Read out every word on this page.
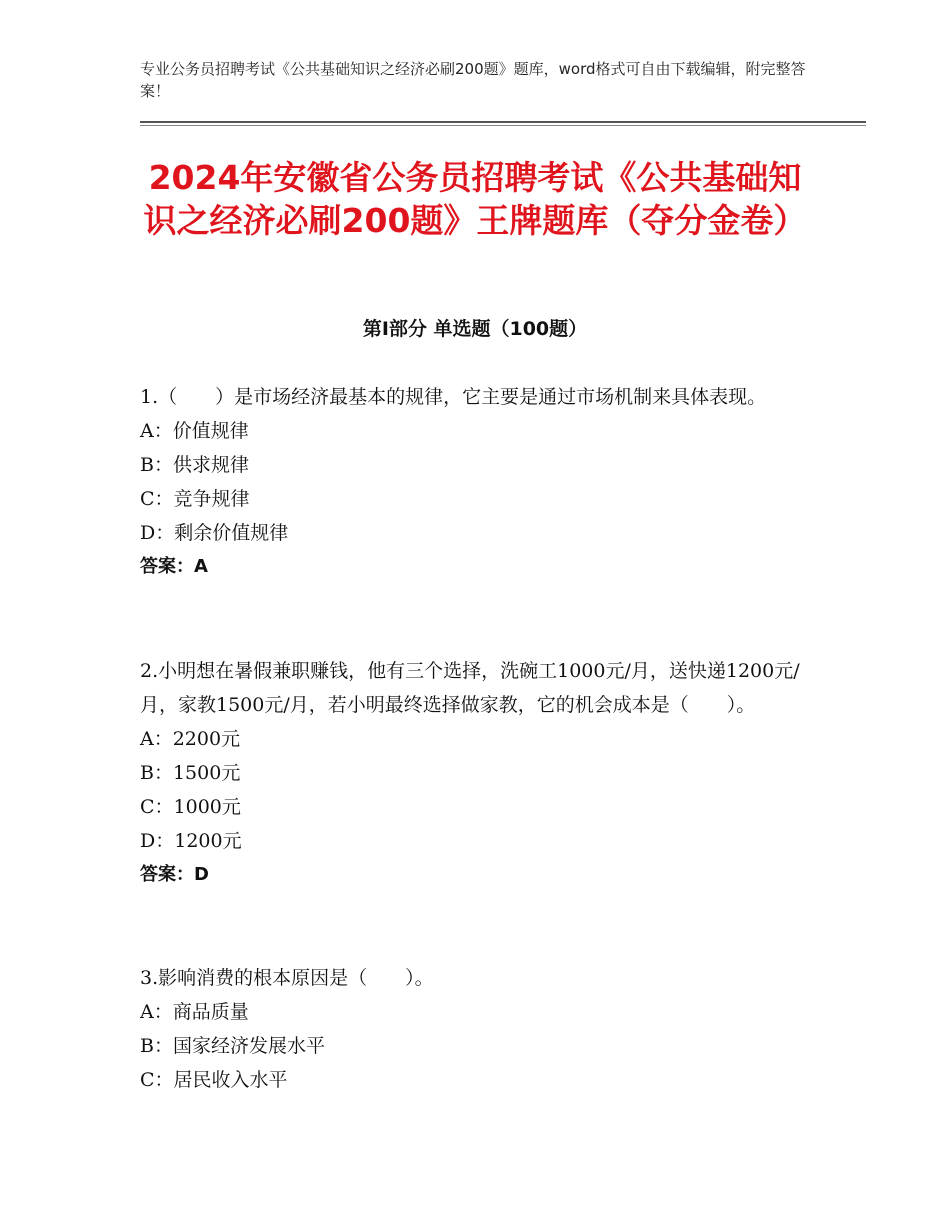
专业公务员招聘考试《公共基础知识之经济必刷200题》题库，word格式可自由下载编辑，附完整答案！
2024年安徽省公务员招聘考试《公共基础知识之经济必刷200题》王牌题库（夺分金卷）
第I部分 单选题（100题）

1.（　　）是市场经济最基本的规律，它主要是通过市场机制来具体表现。

A：价值规律

B：供求规律

C：竞争规律

D：剩余价值规律

答案：A

2.小明想在暑假兼职赚钱，他有三个选择，洗碗工1000元/月，送快递1200元/月，家教1500元/月，若小明最终选择做家教，它的机会成本是（　　）。

A：2200元

B：1500元

C：1000元

D：1200元

答案：D

3.影响消费的根本原因是（　　）。

A：商品质量

B：国家经济发展水平

C：居民收入水平
